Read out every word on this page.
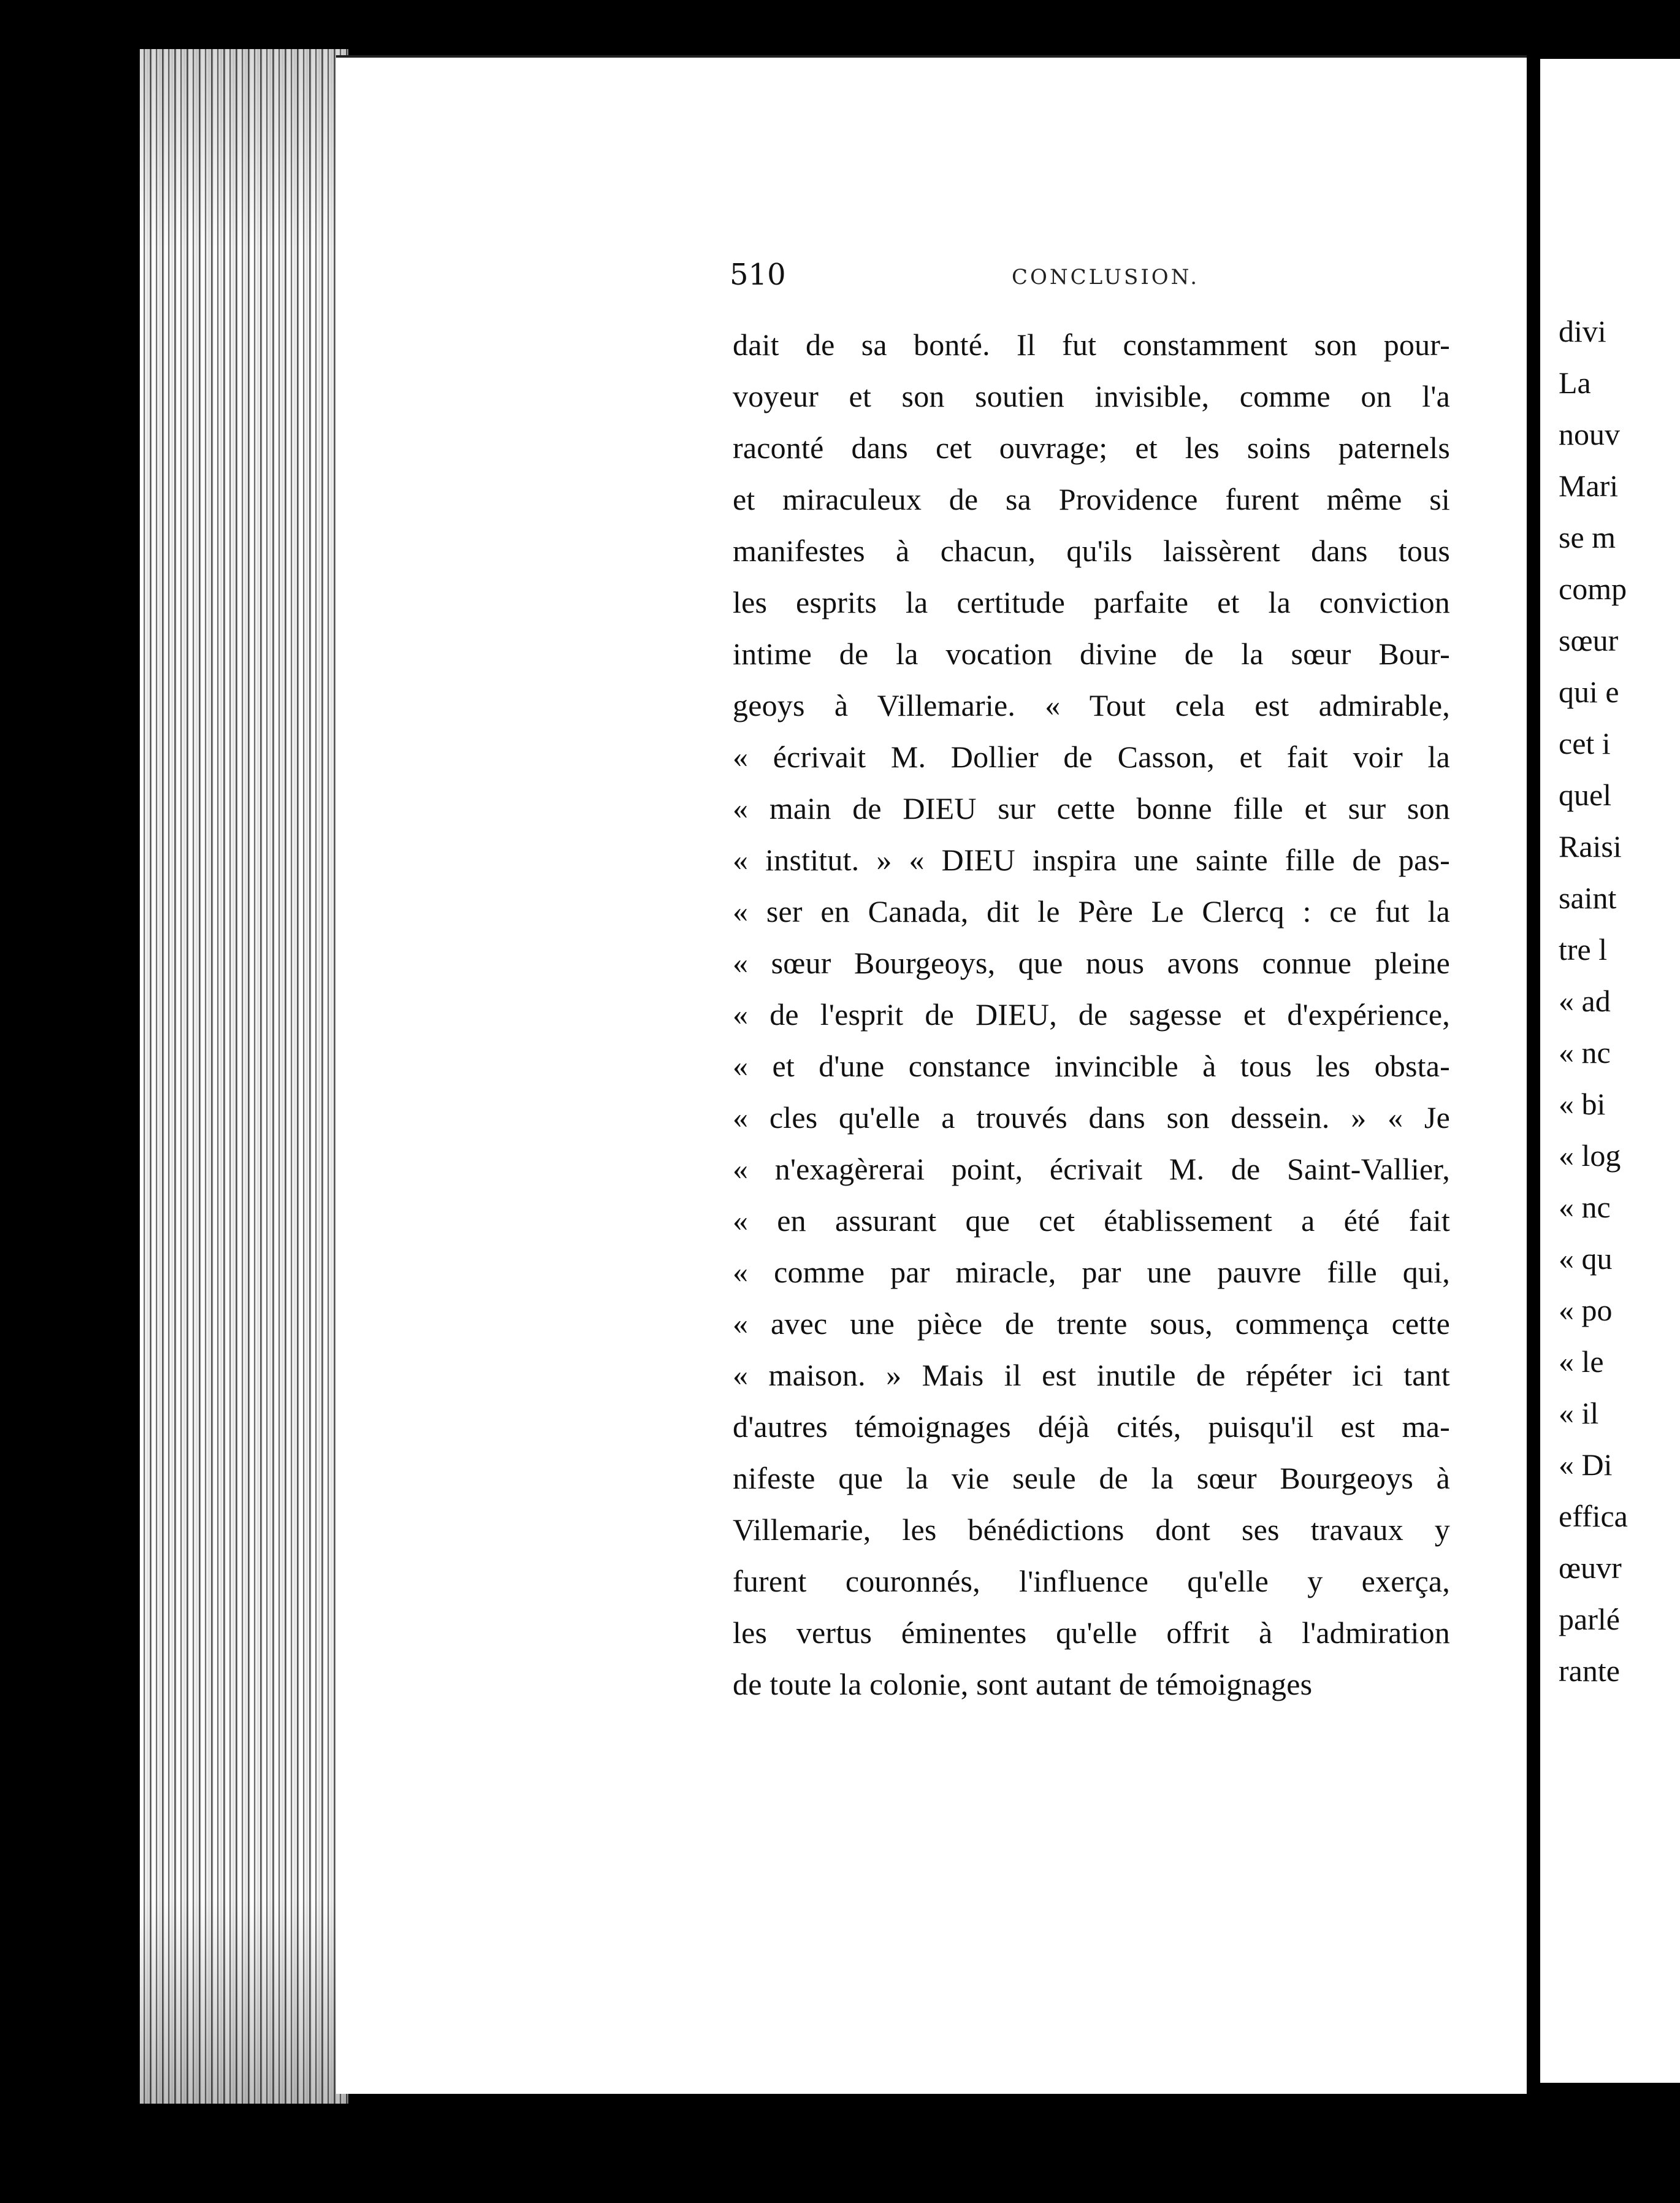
divi
La
nouv
Mari
se m
comp
sœur
qui e
cet i
quel
Raisi
saint
tre l
« ad
« nc
« bi
« log
« nc
« qu
« po
« le
« il
« Di
effica
œuvr
parlé
rante
510	CONCLUSION.
dait de sa bonté. Il fut constamment son pour-
voyeur et son soutien invisible, comme on l'a
raconté dans cet ouvrage; et les soins paternels
et miraculeux de sa Providence furent même si
manifestes à chacun, qu'ils laissèrent dans tous
les esprits la certitude parfaite et la conviction
intime de la vocation divine de la sœur Bour-
geoys à Villemarie. « Tout cela est admirable,
« écrivait M. Dollier de Casson, et fait voir la
« main de DIEU sur cette bonne fille et sur son
« institut. » « DIEU inspira une sainte fille de pas-
« ser en Canada, dit le Père Le Clercq : ce fut la
« sœur Bourgeoys, que nous avons connue pleine
« de l'esprit de DIEU, de sagesse et d'expérience,
« et d'une constance invincible à tous les obsta-
« cles qu'elle a trouvés dans son dessein. » « Je
« n'exagèrerai point, écrivait M. de Saint-Vallier,
« en assurant que cet établissement a été fait
« comme par miracle, par une pauvre fille qui,
« avec une pièce de trente sous, commença cette
« maison. » Mais il est inutile de répéter ici tant
d'autres témoignages déjà cités, puisqu'il est ma-
nifeste que la vie seule de la sœur Bourgeoys à
Villemarie, les bénédictions dont ses travaux y
furent couronnés, l'influence qu'elle y exerça,
les vertus éminentes qu'elle offrit à l'admiration
de toute la colonie, sont autant de témoignages
